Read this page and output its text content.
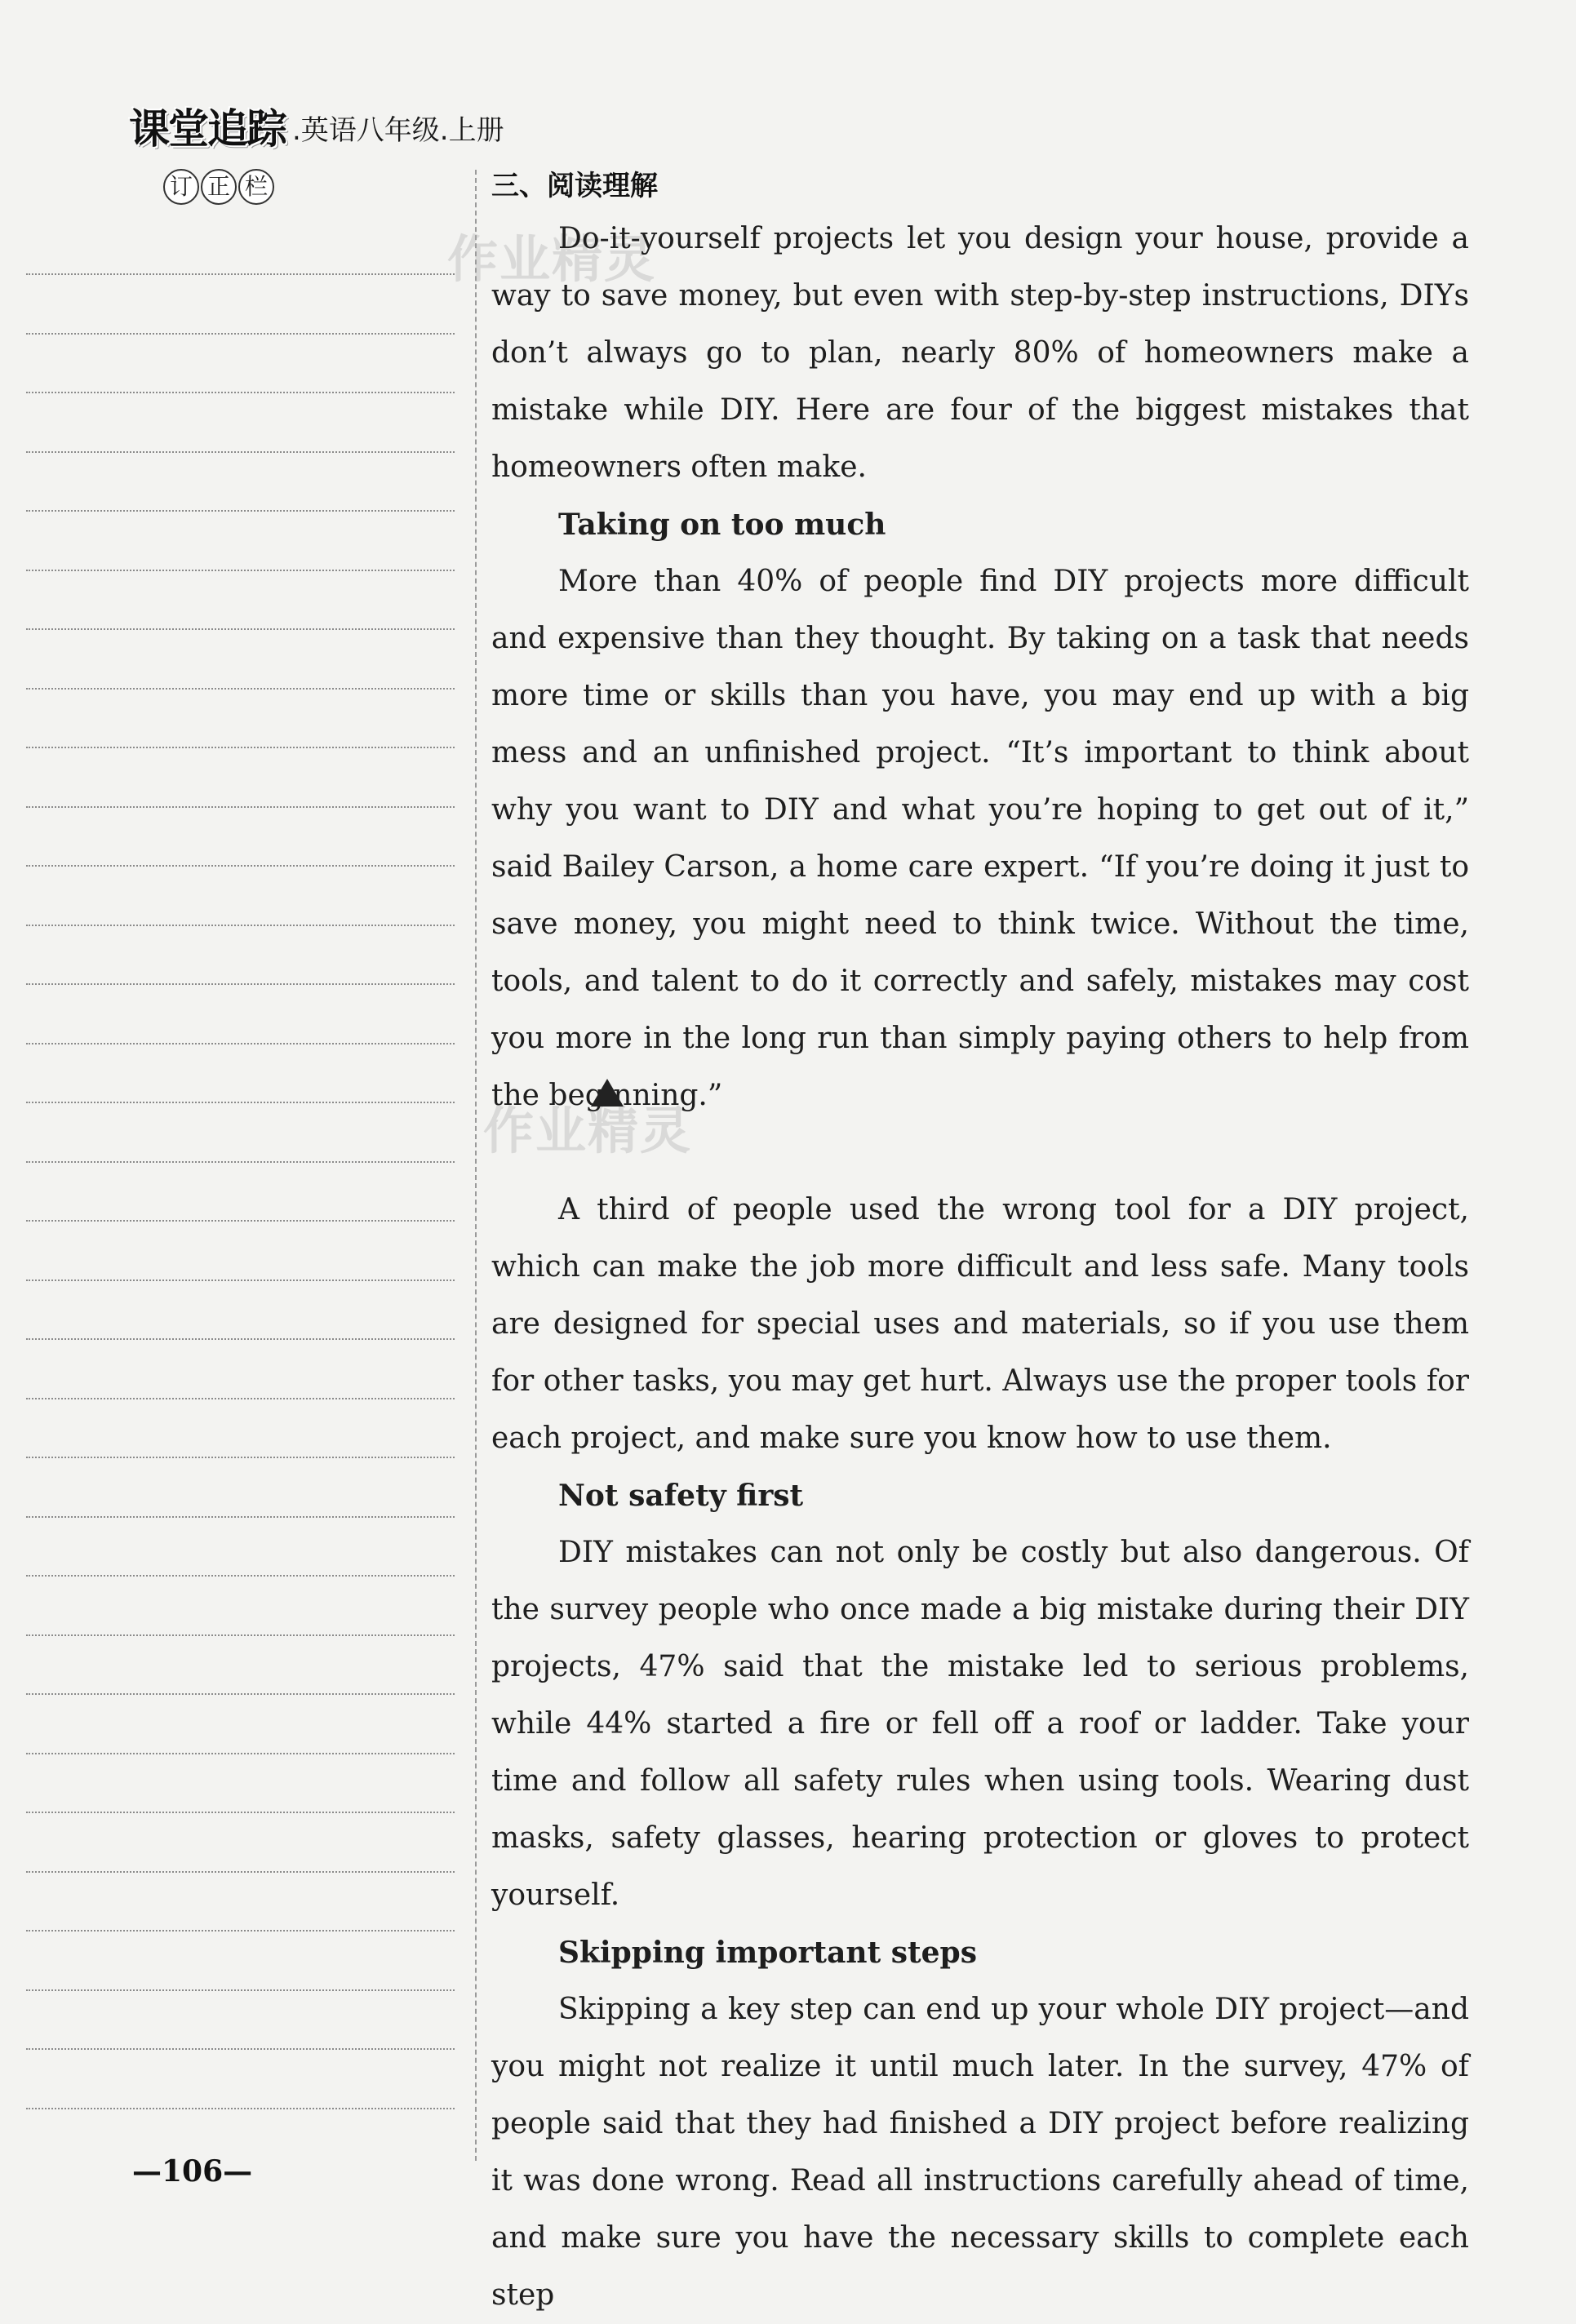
课堂追踪 .英语八年级.上册
订 正 栏
作业精灵
作业精灵
三、阅读理解

Do-it-yourself projects let you design your house, provide a way to save money, but even with step-by-step instructions, DIYs don’t always go to plan, nearly 80% of homeowners make a mistake while DIY. Here are four of the biggest mistakes that homeowners often make.

Taking on too much

More than 40% of people find DIY projects more difficult and expensive than they thought. By taking on a task that needs more time or skills than you have, you may end up with a big mess and an unfinished project. “It’s important to think about why you want to DIY and what you’re hoping to get out of it,” said Bailey Carson, a home care expert. “If you’re doing it just to save money, you might need to think twice. Without the time, tools, and talent to do it correctly and safely, mistakes may cost you more in the long run than simply paying others to help from the beginning.”

A third of people used the wrong tool for a DIY project, which can make the job more difficult and less safe. Many tools are designed for special uses and materials, so if you use them for other tasks, you may get hurt. Always use the proper tools for each project, and make sure you know how to use them.

Not safety first

DIY mistakes can not only be costly but also dangerous. Of the survey people who once made a big mistake during their DIY projects, 47% said that the mistake led to serious problems, while 44% started a fire or fell off a roof or ladder. Take your time and follow all safety rules when using tools. Wearing dust masks, safety glasses, hearing protection or gloves to protect yourself.

Skipping important steps

Skipping a key step can end up your whole DIY project—and you might not realize it until much later. In the survey, 47% of people said that they had finished a DIY project before realizing it was done wrong. Read all instructions carefully ahead of time, and make sure you have the necessary skills to complete each step

—106—
